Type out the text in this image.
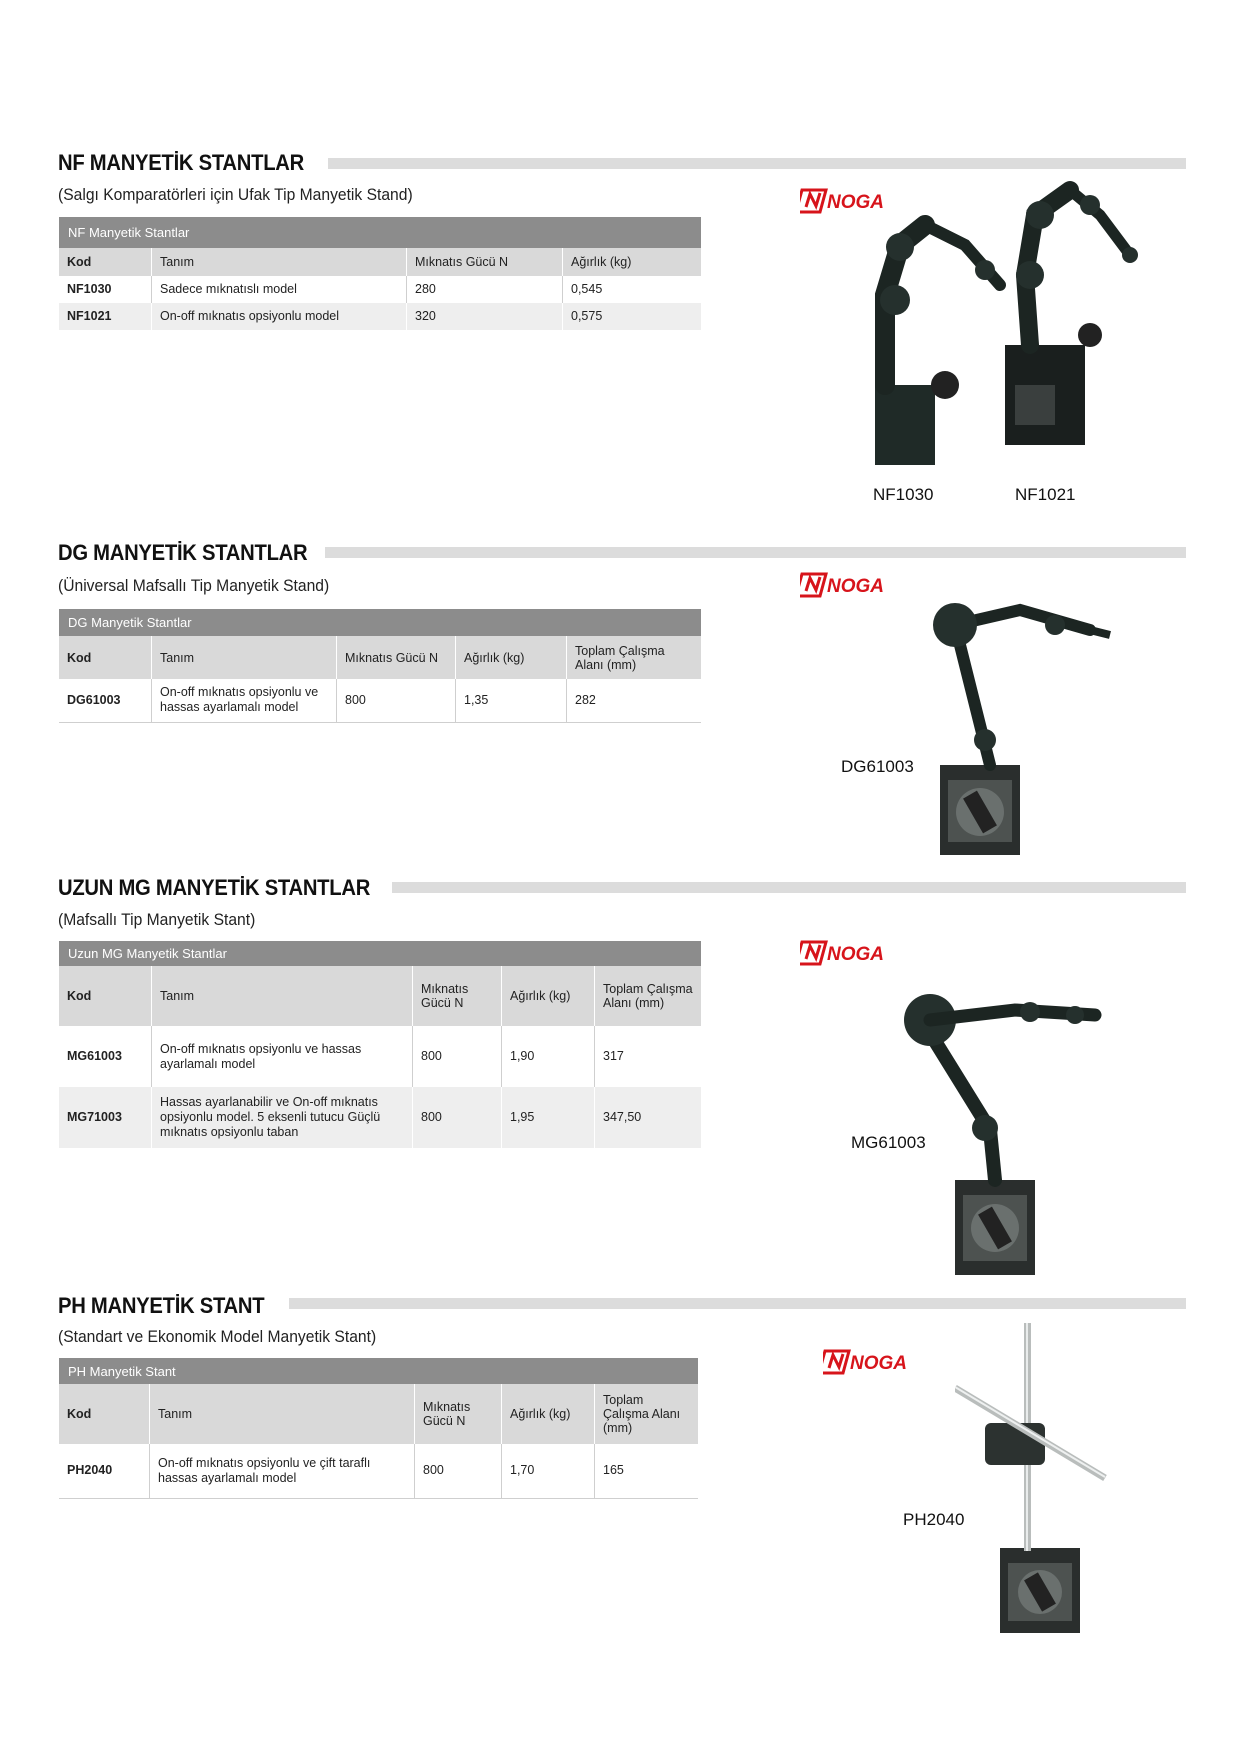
NF MANYETİK STANTLAR
(Salgı Komparatörleri için Ufak Tip Manyetik Stand)
NF Manyetik Stantlar			
Kod	Tanım	Mıknatıs Gücü N	Ağırlık (kg)
NF1030	Sadece mıknatıslı model	280	0,545
NF1021	On-off mıknatıs opsiyonlu model	320	0,575
NOGA
NF1030	NF1021
DG MANYETİK STANTLAR
(Üniversal Mafsallı Tip Manyetik Stand)
DG Manyetik Stantlar				
Kod	Tanım	Mıknatıs Gücü N	Ağırlık (kg)	Toplam Çalışma Alanı (mm)
DG61003	On-off mıknatıs opsiyonlu ve hassas ayarlamalı model	800	1,35	282
NOGA
DG61003
UZUN MG MANYETİK STANTLAR
(Mafsallı Tip Manyetik Stant)
Uzun MG Manyetik Stantlar				
Kod	Tanım	Mıknatıs Gücü N	Ağırlık (kg)	Toplam Çalışma Alanı (mm)
MG61003	On-off mıknatıs opsiyonlu ve hassas ayarlamalı model	800	1,90	317
MG71003	Hassas ayarlanabilir ve On-off mıknatıs opsiyonlu model. 5 eksenli tutucu Güçlü mıknatıs opsiyonlu taban	800	1,95	347,50
NOGA
MG61003
PH MANYETİK STANT
(Standart ve Ekonomik Model Manyetik Stant)
PH Manyetik Stant				
Kod	Tanım	Mıknatıs Gücü N	Ağırlık (kg)	Toplam Çalışma Alanı (mm)
PH2040	On-off mıknatıs opsiyonlu ve çift taraflı hassas ayarlamalı model	800	1,70	165
NOGA
PH2040
